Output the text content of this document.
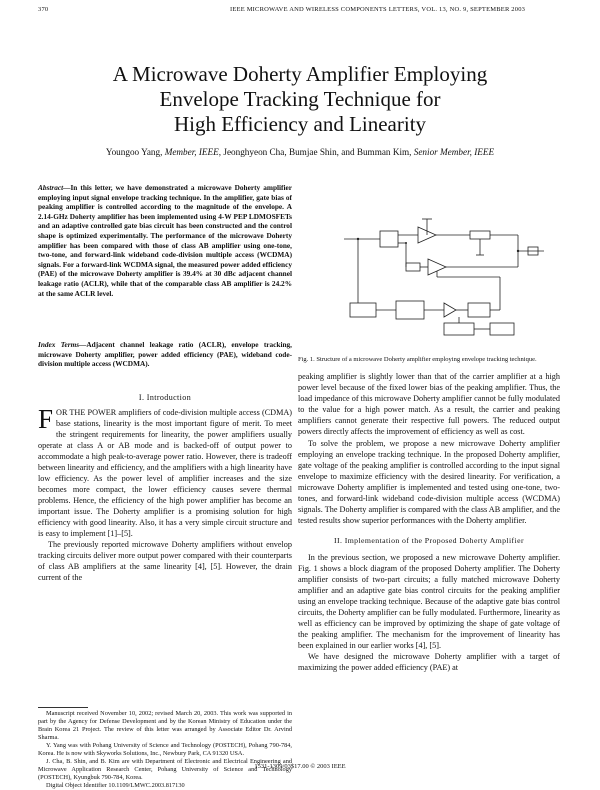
370	IEEE MICROWAVE AND WIRELESS COMPONENTS LETTERS, VOL. 13, NO. 9, SEPTEMBER 2003
A Microwave Doherty Amplifier Employing
Envelope Tracking Technique for
High Efficiency and Linearity
Youngoo Yang, Member, IEEE, Jeonghyeon Cha, Bumjae Shin, and Bumman Kim, Senior Member, IEEE
Abstract—In this letter, we have demonstrated a microwave Doherty amplifier employing input signal envelope tracking technique. In the amplifier, gate bias of peaking amplifier is controlled according to the magnitude of the envelope. A 2.14-GHz Doherty amplifier has been implemented using 4-W PEP LDMOSFETs and an adaptive controlled gate bias circuit has been constructed and the control shape is optimized experimentally. The performance of the microwave Doherty amplifier has been compared with those of class AB amplifier using one-tone, two-tone, and forward-link wideband code-division multiple access (WCDMA) signals. For a forward-link WCDMA signal, the measured power added efficiency (PAE) of the microwave Doherty amplifier is 39.4% at 30 dBc adjacent channel leakage ratio (ACLR), while that of the comparable class AB amplifier is 24.2% at the same ACLR level.
Index Terms—Adjacent channel leakage ratio (ACLR), envelope tracking, microwave Doherty amplifier, power added efficiency (PAE), wideband code-division multiple access (WCDMA).
I. Introduction

FOR THE POWER amplifiers of code-division multiple access (CDMA) base stations, linearity is the most important figure of merit. To meet the stringent requirements for linearity, the power amplifiers usually operate at class A or AB mode and is backed-off of output power to accommodate a high peak-to-average power ratio. However, there is tradeoff between linearity and efficiency, and the amplifiers with a high linearity have low efficiency. As the power level of amplifier increases and the size becomes more compact, the lower efficiency causes severe thermal problems. Hence, the efficiency of the high power amplifier has become an important issue. The Doherty amplifier is a promising solution for high efficiency with good linearity. Also, it has a very simple circuit structure and is easy to implement [1]–[5].

The previously reported microwave Doherty amplifiers without envelop tracking circuits deliver more output power compared with their counterparts of class AB amplifiers at the same linearity [4], [5]. However, the drain current of the

Manuscript received November 10, 2002; revised March 20, 2003. This work was supported in part by the Agency for Defense Development and by the Korean Ministry of Education under the Brain Korea 21 Project. The review of this letter was arranged by Associate Editor Dr. Arvind Sharma.

Y. Yang was with Pohang University of Science and Technology (POSTECH), Pohang 790-784, Korea. He is now with Skyworks Solutions, Inc., Newbury Park, CA 91320 USA.

J. Cha, B. Shin, and B. Kim are with Department of Electronic and Electrical Engineering and Microwave Application Research Center, Pohang University of Science and Technology (POSTECH), Kyungbuk 790-784, Korea.

Digital Object Identifier 10.1109/LMWC.2003.817130

Fig. 1. Structure of a microwave Doherty amplifier employing envelope tracking technique.

peaking amplifier is slightly lower than that of the carrier amplifier at a high power level because of the fixed lower bias of the peaking amplifier. Thus, the load impedance of this microwave Doherty amplifier cannot be fully modulated to the value for a high power match. As a result, the carrier and peaking amplifiers cannot generate their respective full powers. The reduced output powers directly affects the improvement of efficiency as well as cost.

To solve the problem, we propose a new microwave Doherty amplifier employing an envelope tracking technique. In the proposed Doherty amplifier, gate voltage of the peaking amplifier is controlled according to the input signal envelope to maximize efficiency with the desired linearity. For verification, a microwave Doherty amplifier is implemented and tested using one-tone, two-tones, and forward-link wideband code-division multiple access (WCDMA) signals. The Doherty amplifier is compared with the class AB amplifier, and the tested results show superior performances with the Doherty amplifier.

II. Implementation of the Proposed Doherty Amplifier

In the previous section, we proposed a new microwave Doherty amplifier. Fig. 1 shows a block diagram of the proposed Doherty amplifier. The Doherty amplifier consists of two-part circuits; a fully matched microwave Doherty amplifier and an adaptive gate bias control circuits for the peaking amplifier using an envelope tracking technique. Because of the adaptive gate bias control circuits, the Doherty amplifier can be fully modulated. Furthermore, linearity as well as efficiency can be improved by optimizing the shape of gate voltage of the peaking amplifier. The mechanism for the improvement of linearity has been explained in our earlier works [4], [5].

We have designed the microwave Doherty amplifier with a target of maximizing the power added efficiency (PAE) at

1531-1309/03$17.00 © 2003 IEEE
